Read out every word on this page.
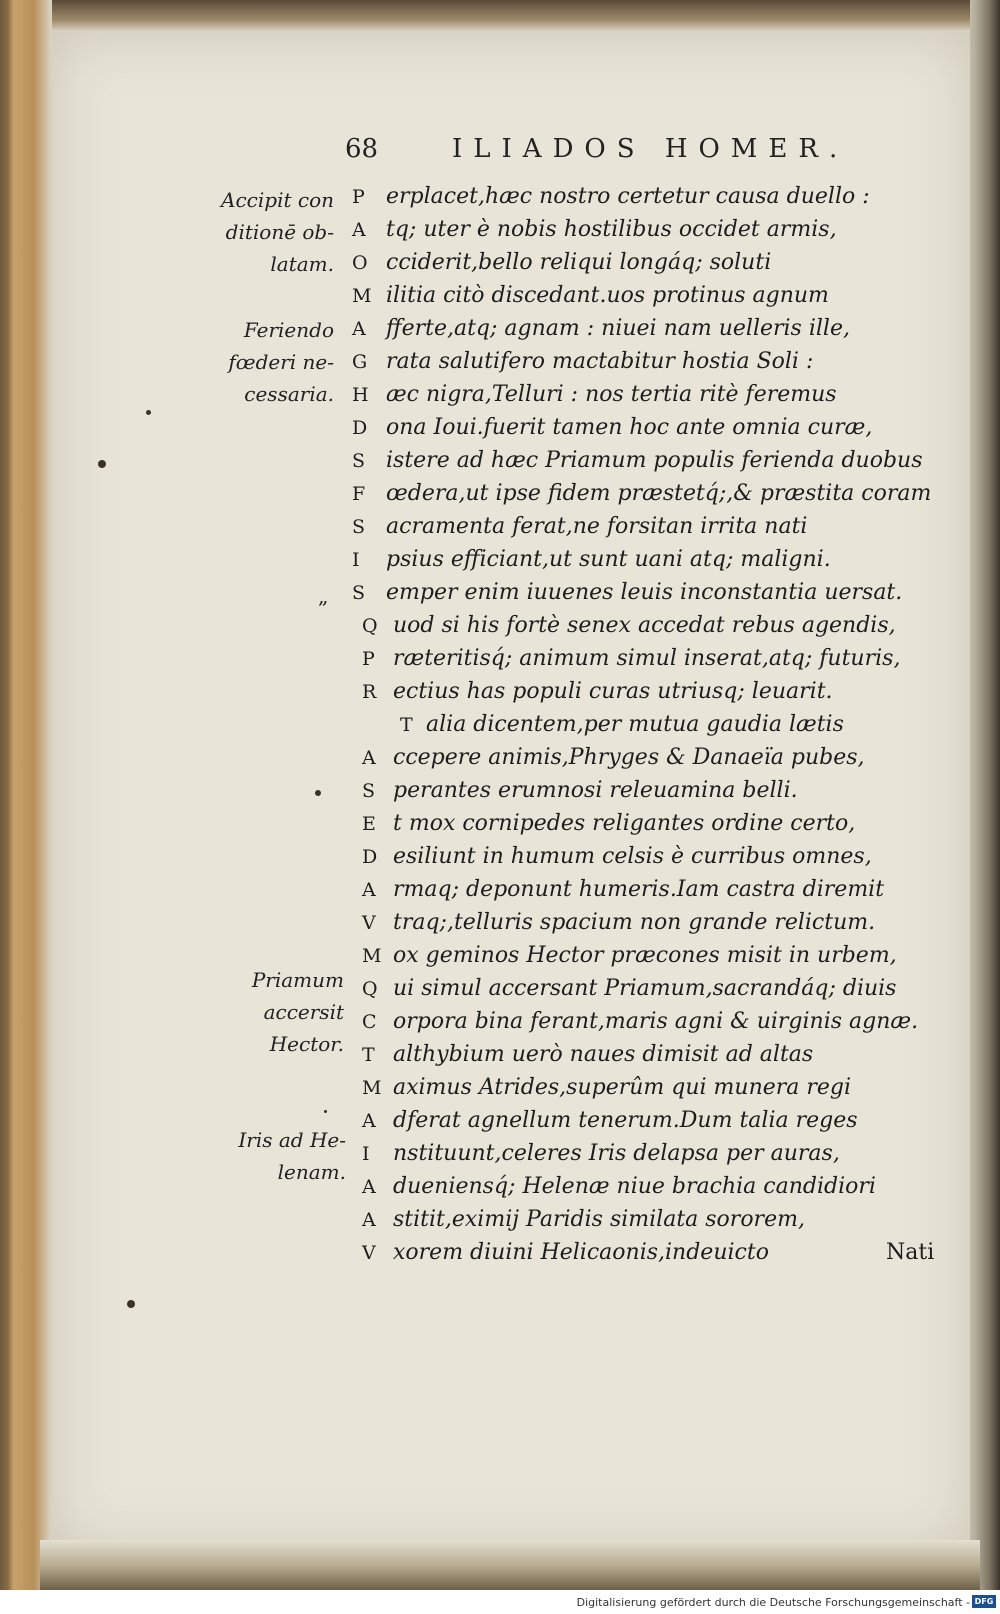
68	ILIADOS HOMER.
Accipit con
ditionē ob-
latam.
Feriendo
fœderi ne-
cessaria.
Priamum
accersit
Hector.
Iris ad He-
lenam.
„
P erplacet,hæc nostro certetur causa duello :
A tq; uter è nobis hostilibus occidet armis,
O cciderit,bello reliqui longáq; soluti
M ilitia citò discedant.uos protinus agnum
A fferte,atq; agnam : niuei nam uelleris ille,
G rata salutifero mactabitur hostia Soli :
H æc nigra,Telluri : nos tertia ritè feremus
D ona Ioui.fuerit tamen hoc ante omnia curæ,
S istere ad hæc Priamum populis ferienda duobus
F œdera,ut ipse fidem præstetq́;,& præstita coram
S acramenta ferat,ne forsitan irrita nati
I psius efficiant,ut sunt uani atq; maligni.
S emper enim iuuenes leuis inconstantia uersat.
Q uod si his fortè senex accedat rebus agendis,
P ræteritisq́; animum simul inserat,atq; futuris,
R ectius has populi curas utriusq; leuarit.
T alia dicentem,per mutua gaudia lætis
A ccepere animis,Phryges & Danaeïa pubes,
S perantes erumnosi releuamina belli.
E t mox cornipedes religantes ordine certo,
D esiliunt in humum celsis è curribus omnes,
A rmaq; deponunt humeris.Iam castra diremit
V traq;,telluris spacium non grande relictum.
M ox geminos Hector præcones misit in urbem,
Q ui simul accersant Priamum,sacrandáq; diuis
C orpora bina ferant,maris agni & uirginis agnæ.
T althybium uerò naues dimisit ad altas
M aximus Atrides,superûm qui munera regi
A dferat agnellum tenerum.Dum talia reges
I nstituunt,celeres Iris delapsa per auras,
A dueniensq́; Helenæ niue brachia candidiori
A stitit,eximij Paridis similata sororem,
V xorem diuini Helicaonis,indeuicto	Nati
Digitalisierung gefördert durch die Deutsche Forschungsgemeinschaft - DFG
